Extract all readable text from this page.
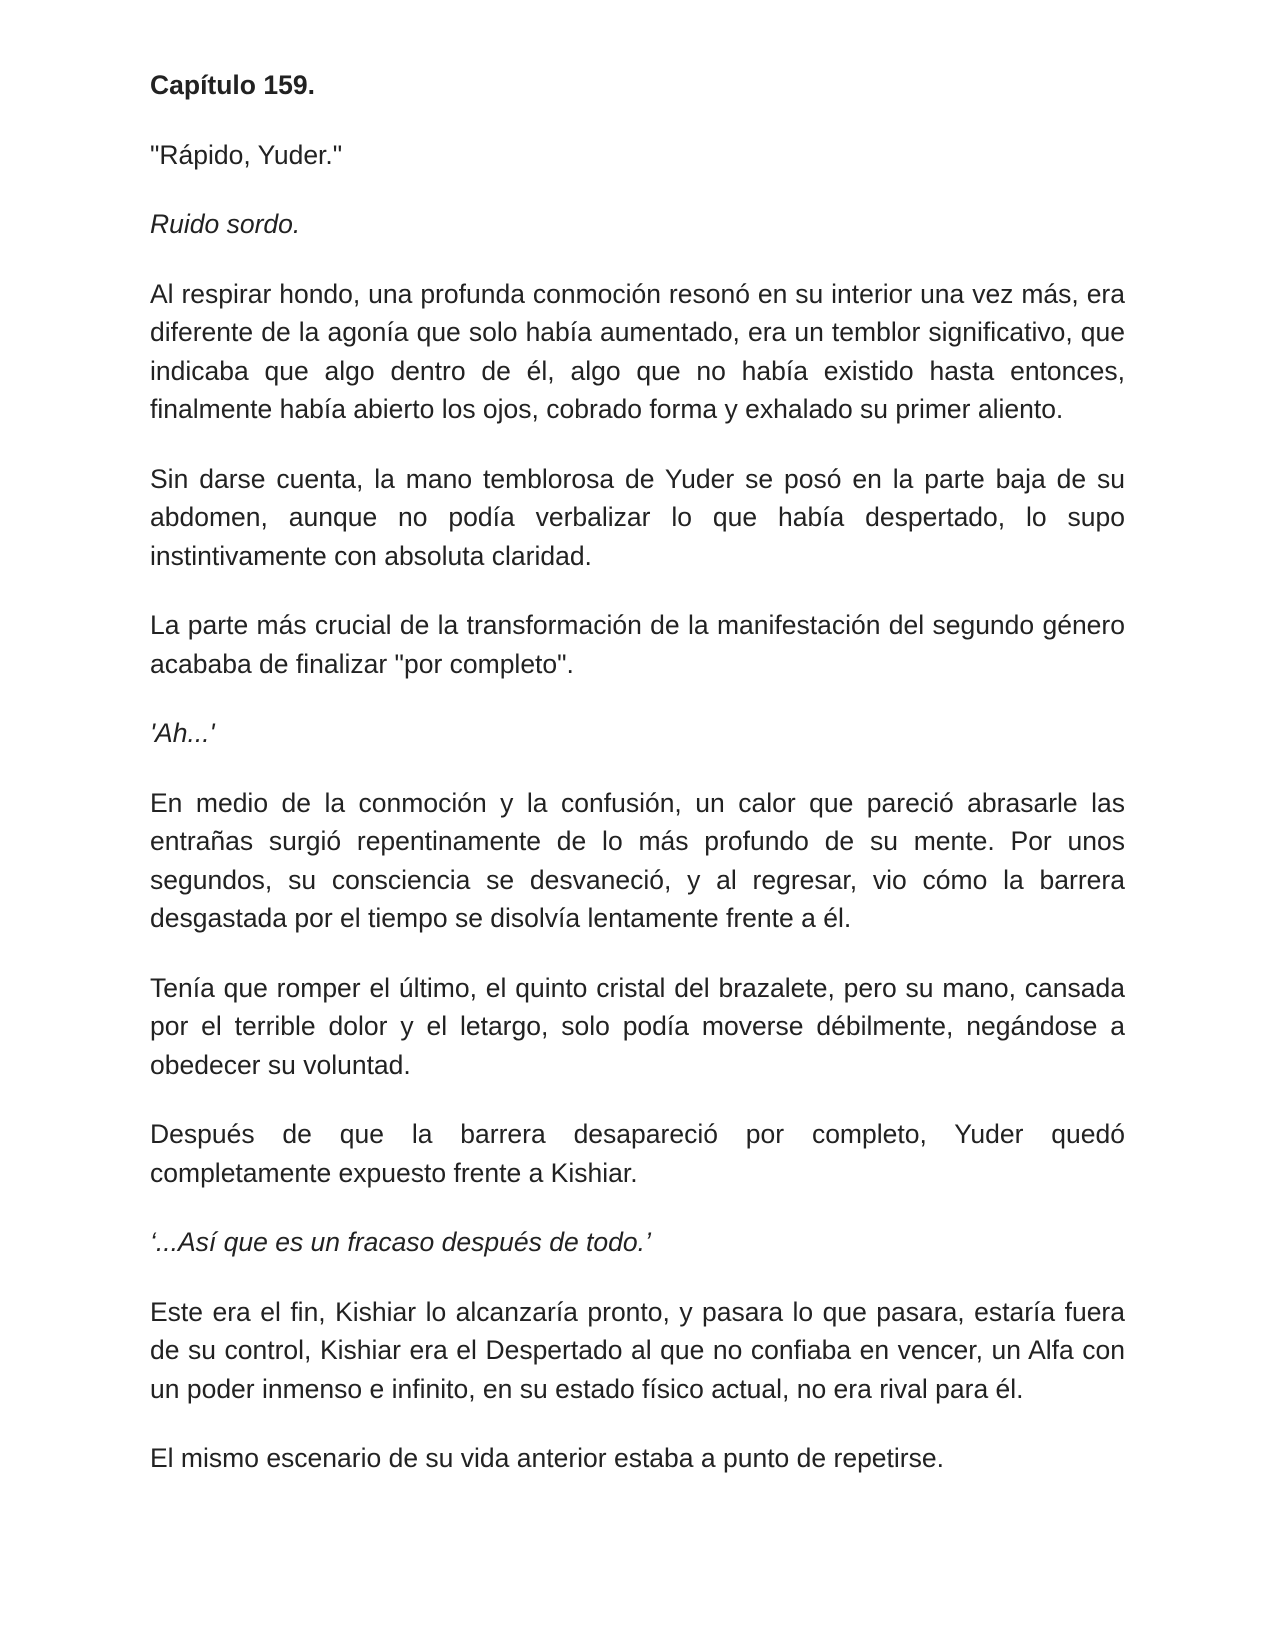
Capítulo 159.

"Rápido, Yuder."

Ruido sordo.

Al respirar hondo, una profunda conmoción resonó en su interior una vez más, era diferente de la agonía que solo había aumentado, era un temblor significativo, que indicaba que algo dentro de él, algo que no había existido hasta entonces, finalmente había abierto los ojos, cobrado forma y exhalado su primer aliento.

Sin darse cuenta, la mano temblorosa de Yuder se posó en la parte baja de su abdomen, aunque no podía verbalizar lo que había despertado, lo supo instintivamente con absoluta claridad.

La parte más crucial de la transformación de la manifestación del segundo género acababa de finalizar "por completo".

'Ah...'

En medio de la conmoción y la confusión, un calor que pareció abrasarle las entrañas surgió repentinamente de lo más profundo de su mente. Por unos segundos, su consciencia se desvaneció, y al regresar, vio cómo la barrera desgastada por el tiempo se disolvía lentamente frente a él.

Tenía que romper el último, el quinto cristal del brazalete, pero su mano, cansada por el terrible dolor y el letargo, solo podía moverse débilmente, negándose a obedecer su voluntad.

Después de que la barrera desapareció por completo, Yuder quedó completamente expuesto frente a Kishiar.

‘...Así que es un fracaso después de todo.’

Este era el fin, Kishiar lo alcanzaría pronto, y pasara lo que pasara, estaría fuera de su control, Kishiar era el Despertado al que no confiaba en vencer, un Alfa con un poder inmenso e infinito, en su estado físico actual, no era rival para él.

El mismo escenario de su vida anterior estaba a punto de repetirse.
